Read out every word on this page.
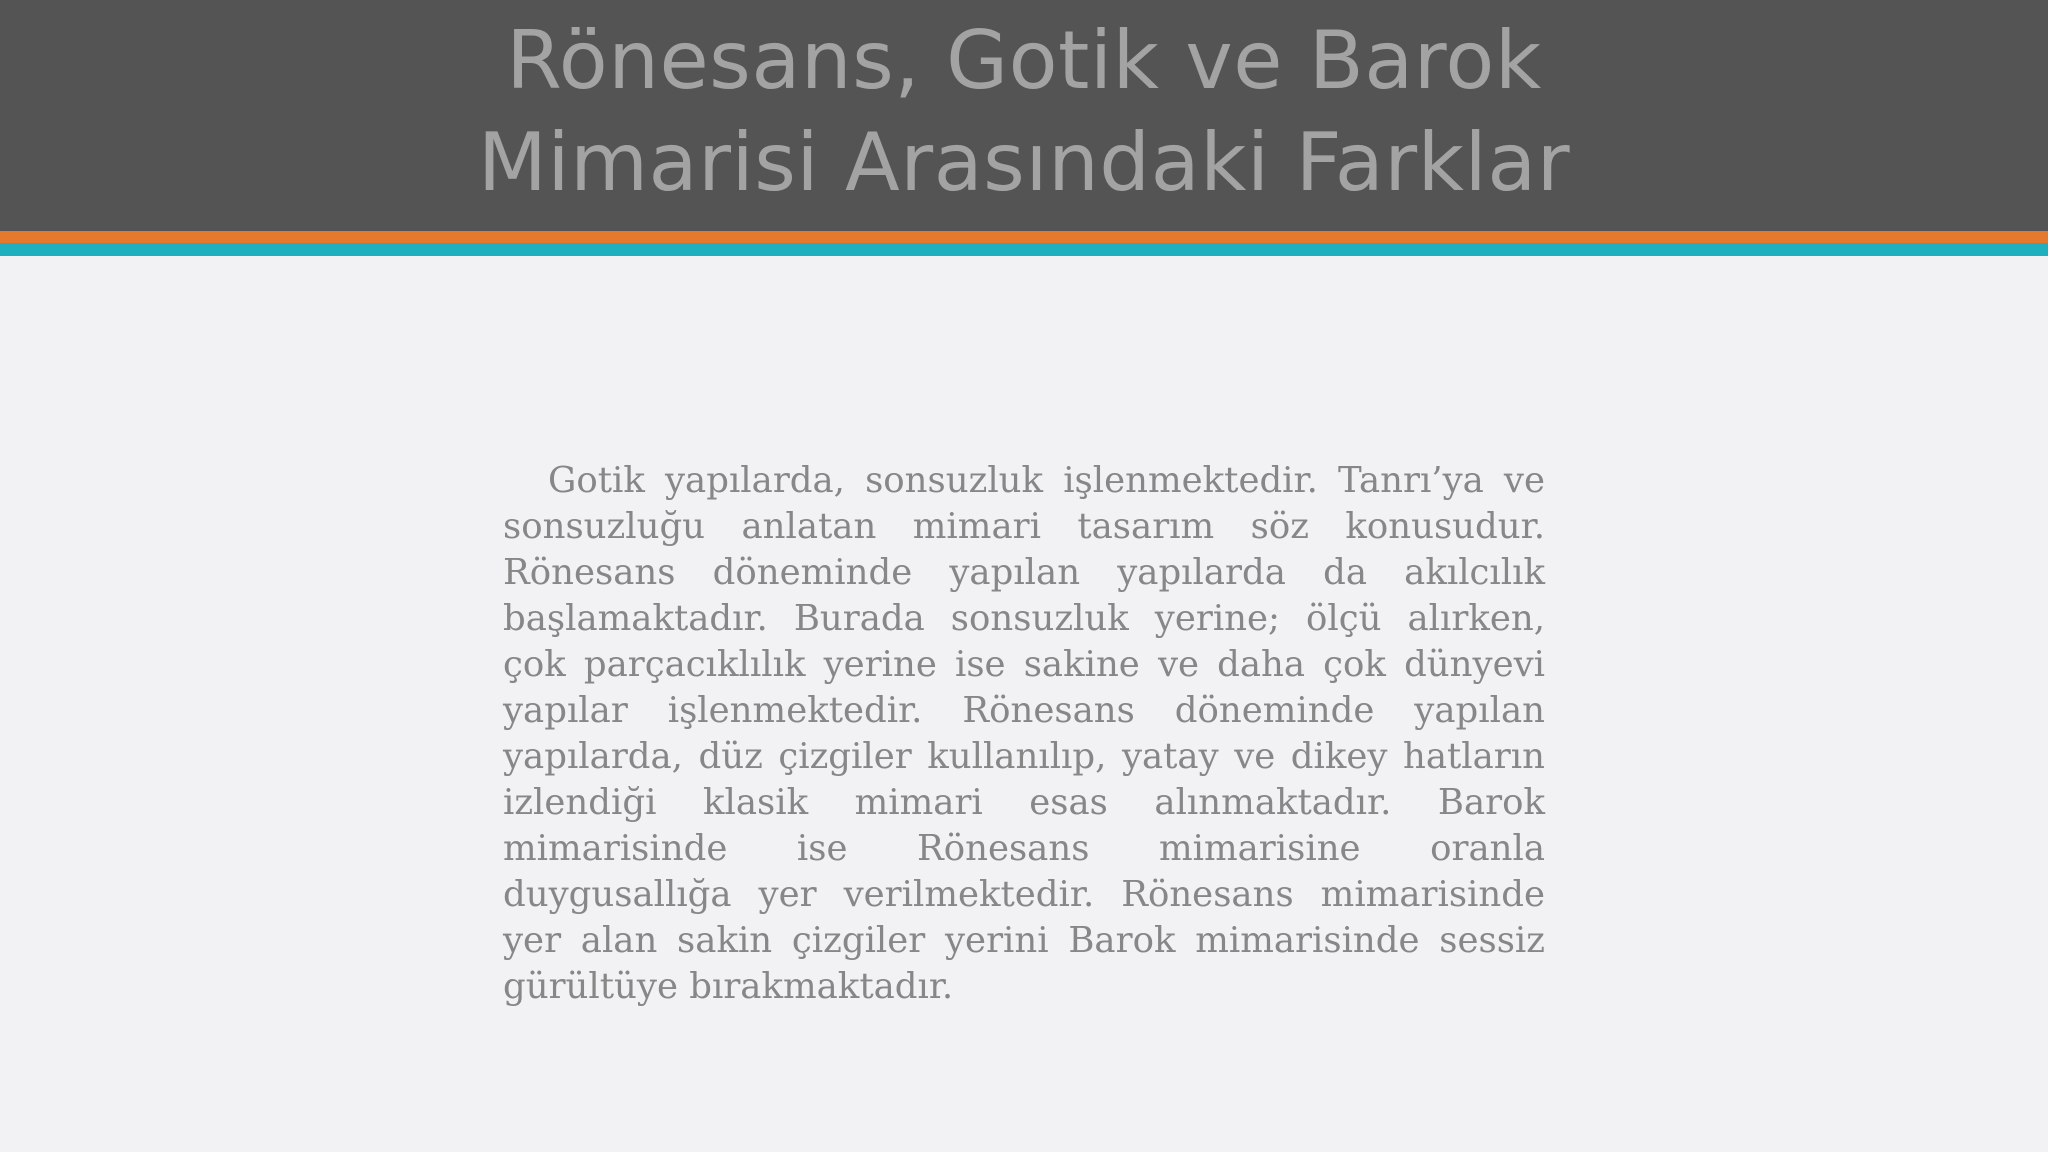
Rönesans, Gotik ve Barok
Mimarisi Arasındaki Farklar

Gotik yapılarda, sonsuzluk işlenmektedir. Tanrı’ya ve sonsuzluğu anlatan mimari tasarım söz konusudur. Rönesans döneminde yapılan yapılarda da akılcılık başlamaktadır. Burada sonsuzluk yerine; ölçü alırken, çok parçacıklılık yerine ise sakine ve daha çok dünyevi yapılar işlenmektedir. Rönesans döneminde yapılan yapılarda, düz çizgiler kullanılıp, yatay ve dikey hatların izlendiği klasik mimari esas alınmaktadır. Barok mimarisinde ise Rönesans mimarisine oranla duygusallığa yer verilmektedir. Rönesans mimarisinde yer alan sakin çizgiler yerini Barok mimarisinde sessiz gürültüye bırakmaktadır.
